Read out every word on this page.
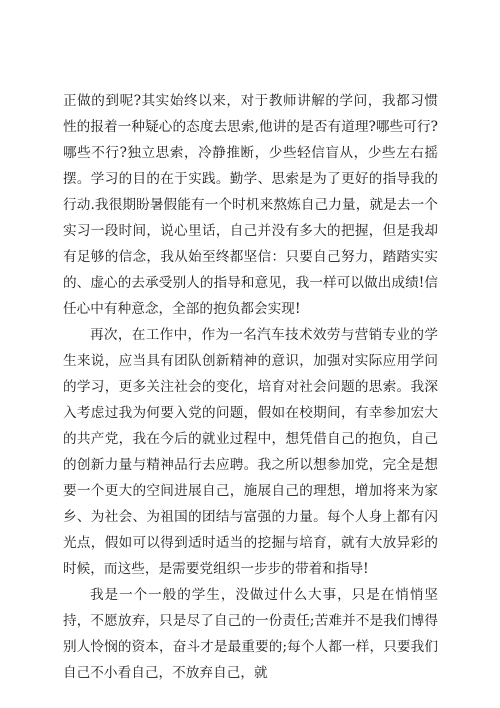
正做的到呢?其实始终以来，对于教师讲解的学问，我都习惯性的报着一种疑心的态度去思索,他讲的是否有道理?哪些可行?哪些不行?独立思索，冷静推断，少些轻信盲从，少些左右摇摆。学习的目的在于实践。勤学、思索是为了更好的指导我的行动.我很期盼暑假能有一个时机来熬炼自己力量，就是去一个实习一段时间，说心里话，自己并没有多大的把握，但是我却有足够的信念，我从始至终都坚信：只要自己努力，踏踏实实的、虚心的去承受别人的指导和意见，我一样可以做出成绩!信任心中有种意念，全部的抱负都会实现!

再次，在工作中，作为一名汽车技术效劳与营销专业的学生来说，应当具有团队创新精神的意识，加强对实际应用学问的学习，更多关注社会的变化，培育对社会问题的思索。我深入考虑过我为何要入党的问题，假如在校期间，有幸参加宏大的共产党，我在今后的就业过程中，想凭借自己的抱负，自己的创新力量与精神品行去应聘。我之所以想参加党，完全是想要一个更大的空间进展自己，施展自己的理想，增加将来为家乡、为社会、为祖国的团结与富强的力量。每个人身上都有闪光点，假如可以得到适时适当的挖掘与培育，就有大放异彩的时候，而这些，是需要党组织一步步的带着和指导!

我是一个一般的学生，没做过什么大事，只是在悄悄坚持，不愿放弃，只是尽了自己的一份责任;苦难并不是我们博得别人怜悯的资本，奋斗才是最重要的;每个人都一样，只要我们自己不小看自己，不放弃自己，就
